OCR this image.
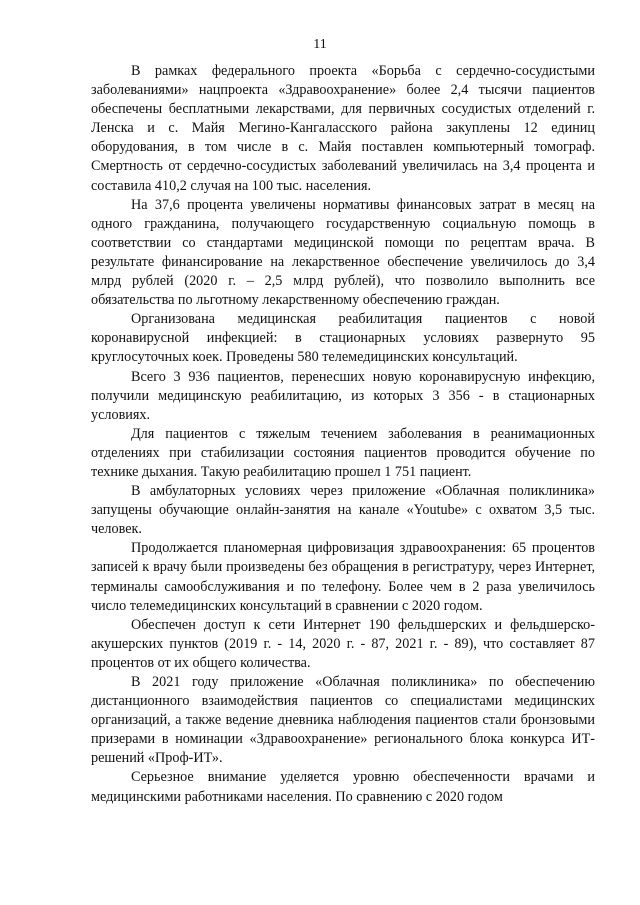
11

В рамках федерального проекта «Борьба с сердечно-сосудистыми заболеваниями» нацпроекта «Здравоохранение» более 2,4 тысячи пациентов обеспечены бесплатными лекарствами, для первичных сосудистых отделений г. Ленска и с. Майя Мегино-Кангаласского района закуплены 12 единиц оборудования, в том числе в с. Майя поставлен компьютерный томограф. Смертность от сердечно-сосудистых заболеваний увеличилась на 3,4 процента и составила 410,2 случая на 100 тыс. населения.

На 37,6 процента увеличены нормативы финансовых затрат в месяц на одного гражданина, получающего государственную социальную помощь в соответствии со стандартами медицинской помощи по рецептам врача. В результате финансирование на лекарственное обеспечение увеличилось до 3,4 млрд рублей (2020 г. – 2,5 млрд рублей), что позволило выполнить все обязательства по льготному лекарственному обеспечению граждан.

Организована медицинская реабилитация пациентов с новой коронавирусной инфекцией: в стационарных условиях развернуто 95 круглосуточных коек. Проведены 580 телемедицинских консультаций.

Всего 3 936 пациентов, перенесших новую коронавирусную инфекцию, получили медицинскую реабилитацию, из которых 3 356 - в стационарных условиях.

Для пациентов с тяжелым течением заболевания в реанимационных отделениях при стабилизации состояния пациентов проводится обучение по технике дыхания. Такую реабилитацию прошел 1 751 пациент.

В амбулаторных условиях через приложение «Облачная поликлиника» запущены обучающие онлайн-занятия на канале «Youtube» с охватом 3,5 тыс. человек.

Продолжается планомерная цифровизация здравоохранения: 65 процентов записей к врачу были произведены без обращения в регистратуру, через Интернет, терминалы самообслуживания и по телефону. Более чем в 2 раза увеличилось число телемедицинских консультаций в сравнении с 2020 годом.

Обеспечен доступ к сети Интернет 190 фельдшерских и фельдшерско-акушерских пунктов (2019 г. - 14, 2020 г. - 87, 2021 г. - 89), что составляет 87 процентов от их общего количества.

В 2021 году приложение «Облачная поликлиника» по обеспечению дистанционного взаимодействия пациентов со специалистами медицинских организаций, а также ведение дневника наблюдения пациентов стали бронзовыми призерами в номинации «Здравоохранение» регионального блока конкурса ИТ-решений «Проф-ИТ».

Серьезное внимание уделяется уровню обеспеченности врачами и медицинскими работниками населения. По сравнению с 2020 годом
